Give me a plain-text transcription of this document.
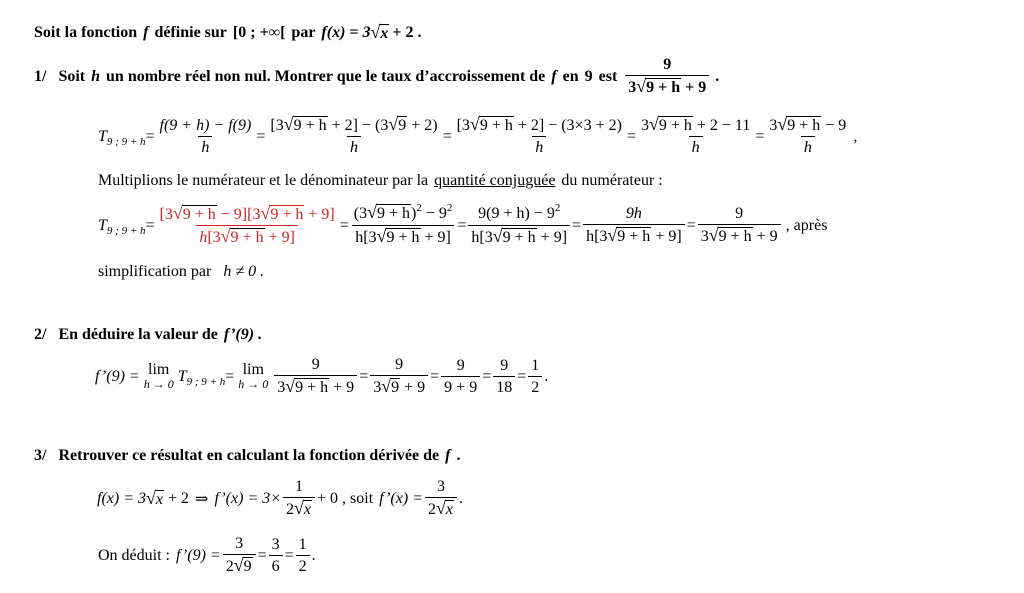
Soit la fonction f définie sur [0 ; +∞[ par f(x) = 3 √ x + 2 .
1/ Soit h un nombre réel non nul. Montrer que le taux d’accroissement de f en 9 est $\frac{9}{3 √ 9 + h + 9}$ .
T 9 ; $9 + h = \frac{f(9 + h) - f(9)}{h} = \frac{[3 √ 9 + h + 2] - (3 √ 9 + 2)}{h} = \frac{[3 √ 9 + h + 2] - (3\times 3 + 2)}{h} = \frac{3 √ 9 + h + 2 - 11}{h} = \frac{3 √ 9 + h - 9}{h}$ ,
Multiplions le numérateur et le dénominateur par la quantité conjuguée du numérateur :
T 9 ; $9 + h = \frac{[3 √ 9 + h - 9][3 √ 9 + h + 9]}{h[3 √ 9 + h + 9]} = \frac{(3 √ 9 + h )^2 - 9^2}{h[3 √ 9 + h + 9]} = \frac{9(9 + h) - 9^2}{h[3 √ 9 + h + 9]} = \frac{9h}{h[3 √ 9 + h + 9]} = \frac{9}{3 √ 9 + h + 9}$ , après
simplification par h ≠ 0 .
2/ En déduire la valeur de f’(9) .
f’(9) = lim
h → 0 T 9 ; 9 + h = lim
$h \to 0 \frac{9}{3 √ 9 + h + 9} = \frac{9}{3 √ 9 + 9} = \frac{9}{9 + 9} = \frac{9}{18} = \frac{1}{2}$ .
3/ Retrouver ce résultat en calculant la fonction dérivée de f .
f(x) = 3 √ x + 2 ⇒ f’(x) = $3\times \frac{1}{2 √ x} + 0$ , soit f’(x) = $\frac{3}{2 √ x}$ .
On déduit : f’(9) = $\frac{3}{2 √ 9} = \frac{3}{6} = \frac{1}{2}$ .
